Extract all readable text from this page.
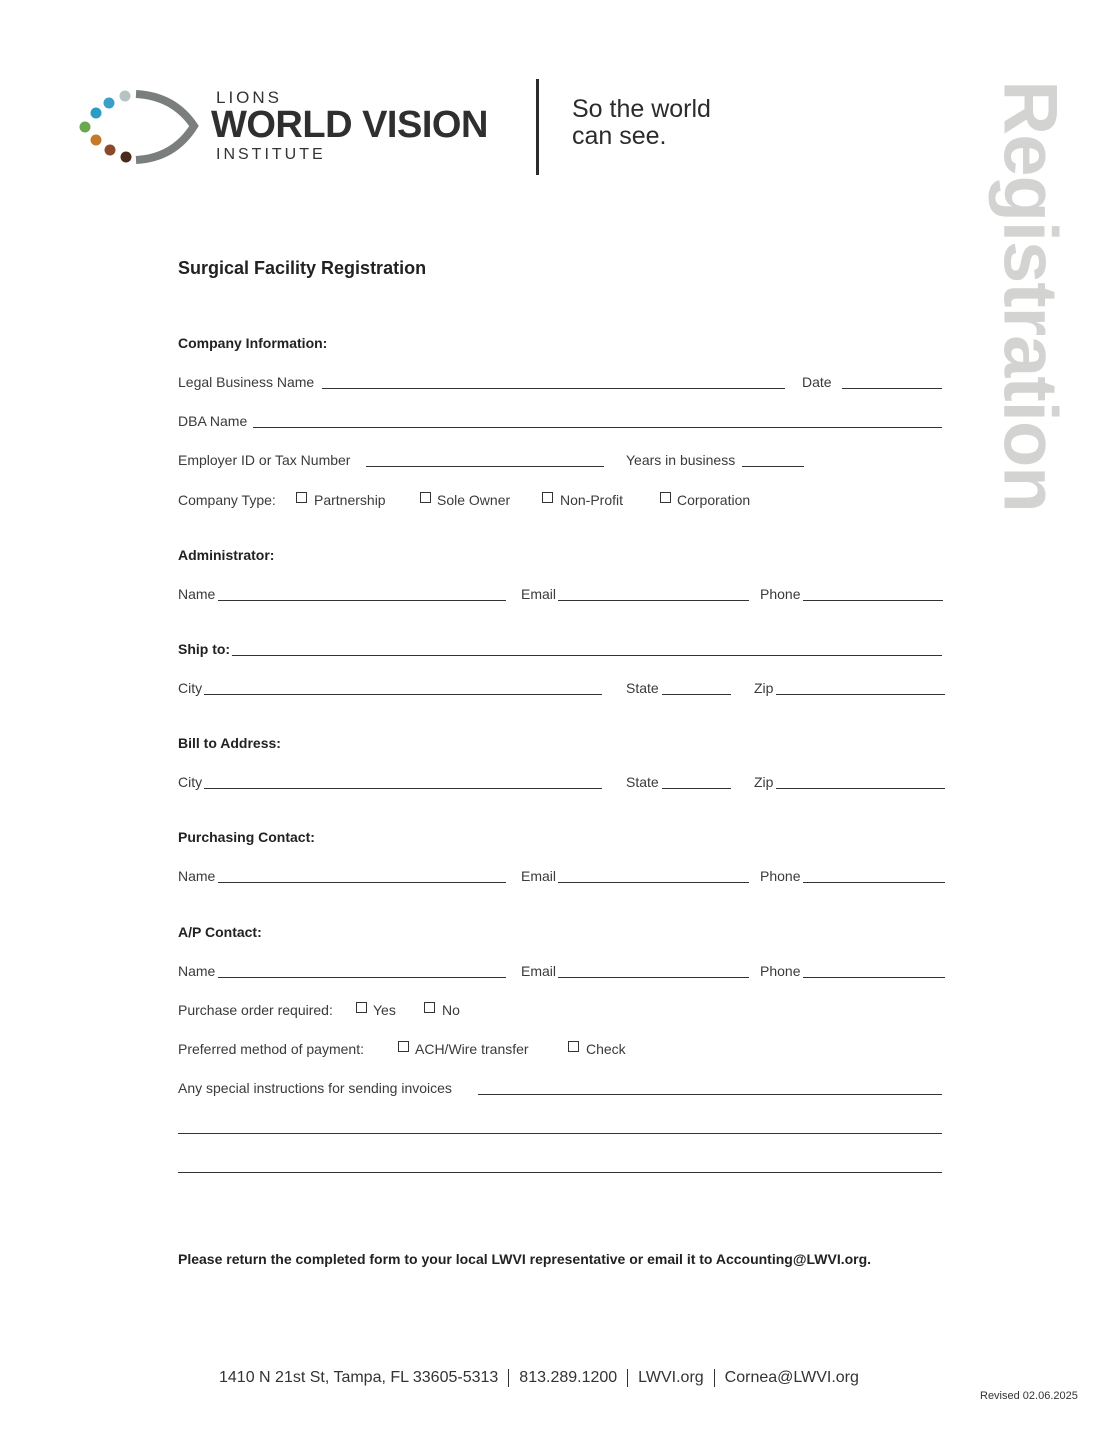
LIONS
WORLD VISION
INSTITUTE
So the world
can see.	Registration
Surgical Facility Registration
Company Information:
Legal Business Name	Date
DBA Name
Employer ID or Tax Number	Years in business
Company Type:	Partnership	Sole Owner	Non-Profit	Corporation
Administrator:
Name	Email	Phone
Ship to:
City	State	Zip
Bill to Address:
City	State	Zip
Purchasing Contact:
Name	Email	Phone
A/P Contact:
Name	Email	Phone
Purchase order required:	Yes	No
Preferred method of payment:	ACH/Wire transfer	Check
Any special instructions for sending invoices
Please return the completed form to your local LWVI representative or email it to Accounting@LWVI.org.
1410 N 21st St, Tampa, FL 33605-5313 813.289.1200 LWVI.org Cornea@LWVI.org
Revised 02.06.2025
